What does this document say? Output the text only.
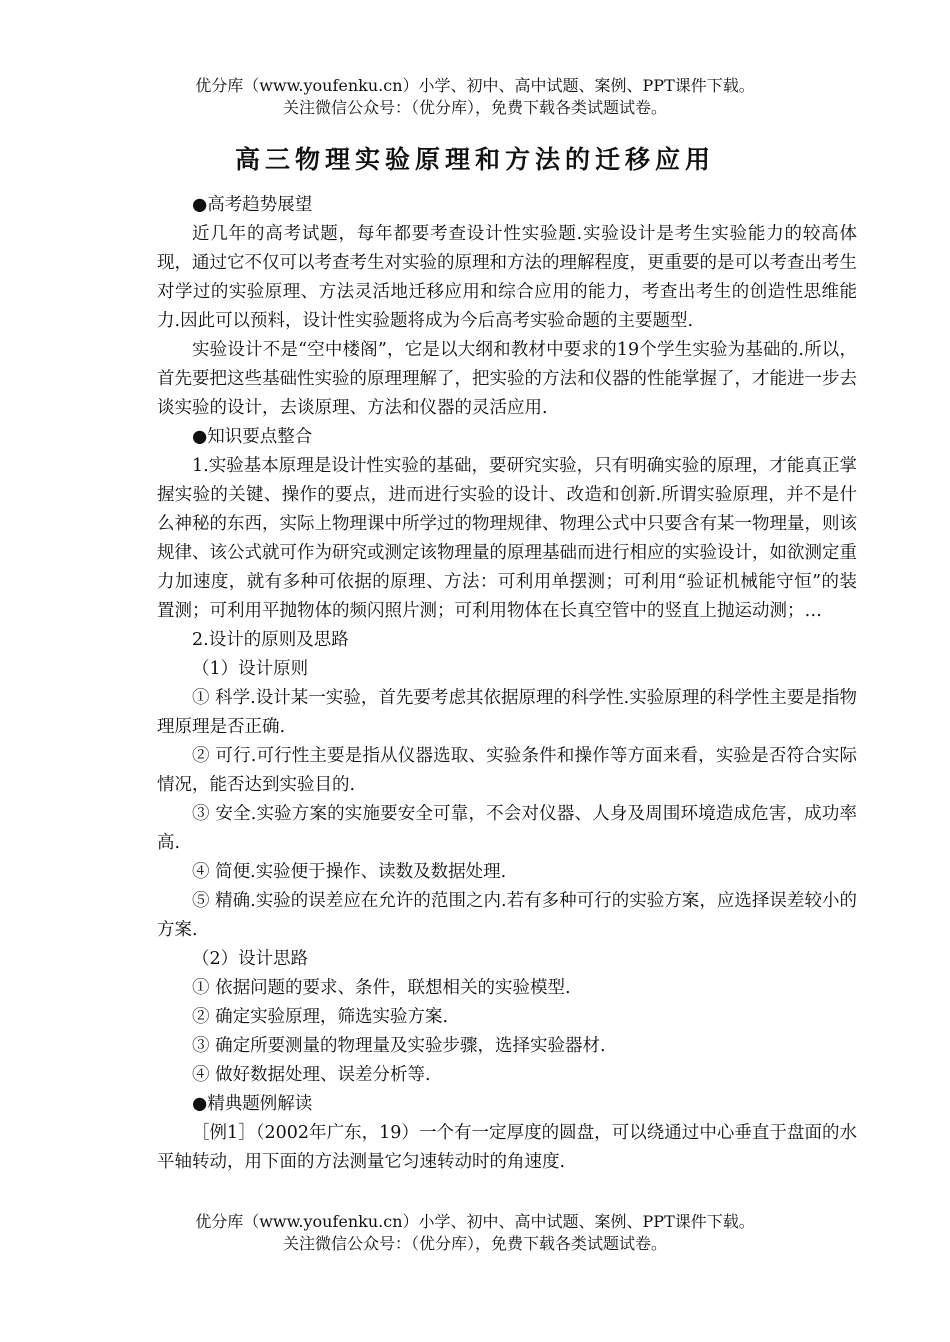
优分库（www.youfenku.cn）小学、初中、高中试题、案例、PPT课件下载。
关注微信公众号：（优分库），免费下载各类试题试卷。
高三物理实验原理和方法的迁移应用

●高考趋势展望

近几年的高考试题，每年都要考查设计性实验题.实验设计是考生实验能力的较高体现，通过它不仅可以考查考生对实验的原理和方法的理解程度，更重要的是可以考查出考生对学过的实验原理、方法灵活地迁移应用和综合应用的能力，考查出考生的创造性思维能力.因此可以预料，设计性实验题将成为今后高考实验命题的主要题型.

实验设计不是“空中楼阁”，它是以大纲和教材中要求的19个学生实验为基础的.所以，首先要把这些基础性实验的原理理解了，把实验的方法和仪器的性能掌握了，才能进一步去谈实验的设计，去谈原理、方法和仪器的灵活应用.

●知识要点整合

1.实验基本原理是设计性实验的基础，要研究实验，只有明确实验的原理，才能真正掌握实验的关键、操作的要点，进而进行实验的设计、改造和创新.所谓实验原理，并不是什么神秘的东西，实际上物理课中所学过的物理规律、物理公式中只要含有某一物理量，则该规律、该公式就可作为研究或测定该物理量的原理基础而进行相应的实验设计，如欲测定重力加速度，就有多种可依据的原理、方法：可利用单摆测；可利用“验证机械能守恒”的装置测；可利用平抛物体的频闪照片测；可利用物体在长真空管中的竖直上抛运动测；…

2.设计的原则及思路

（1）设计原则

① 科学.设计某一实验，首先要考虑其依据原理的科学性.实验原理的科学性主要是指物理原理是否正确.

② 可行.可行性主要是指从仪器选取、实验条件和操作等方面来看，实验是否符合实际情况，能否达到实验目的.

③ 安全.实验方案的实施要安全可靠，不会对仪器、人身及周围环境造成危害，成功率高.

④ 简便.实验便于操作、读数及数据处理.

⑤ 精确.实验的误差应在允许的范围之内.若有多种可行的实验方案，应选择误差较小的方案.

（2）设计思路

① 依据问题的要求、条件，联想相关的实验模型.

② 确定实验原理，筛选实验方案.

③ 确定所要测量的物理量及实验步骤，选择实验器材.

④ 做好数据处理、误差分析等.

●精典题例解读

［例1］（2002年广东，19）一个有一定厚度的圆盘，可以绕通过中心垂直于盘面的水平轴转动，用下面的方法测量它匀速转动时的角速度.

优分库（www.youfenku.cn）小学、初中、高中试题、案例、PPT课件下载。
关注微信公众号：（优分库），免费下载各类试题试卷。
